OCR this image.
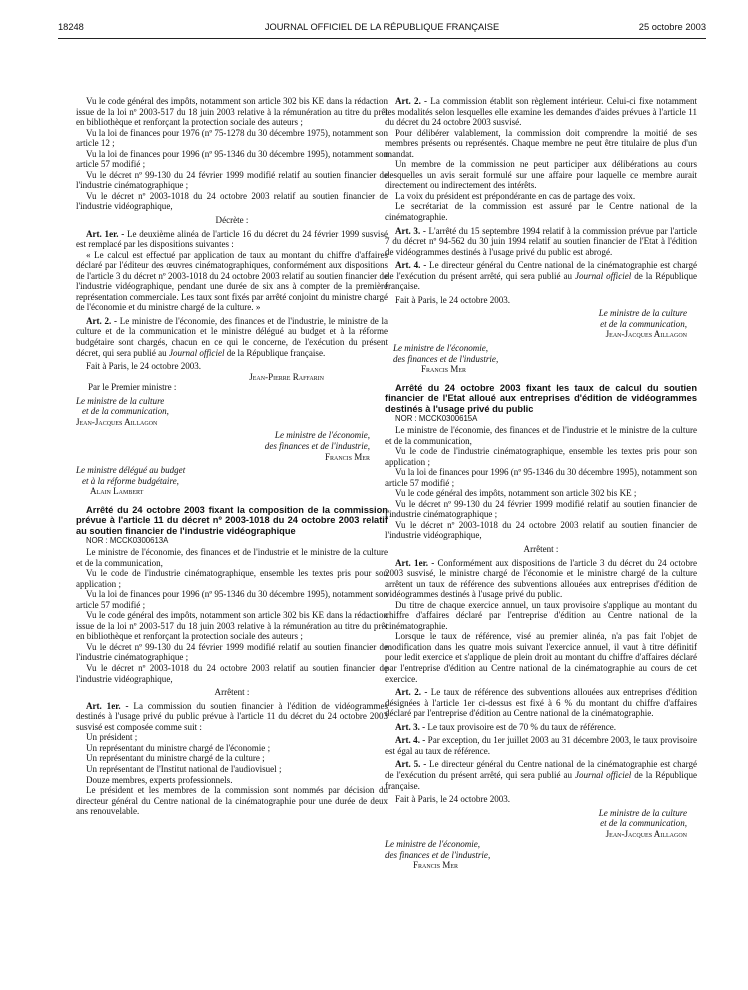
18248	JOURNAL OFFICIEL DE LA RÉPUBLIQUE FRANÇAISE	25 octobre 2003

Vu le code général des impôts, notamment son article 302 bis KE dans la rédaction issue de la loi nº 2003-517 du 18 juin 2003 relative à la rémunération au titre du prêt en bibliothèque et renforçant la protection sociale des auteurs ;

Vu la loi de finances pour 1976 (nº 75-1278 du 30 décembre 1975), notamment son article 12 ;

Vu la loi de finances pour 1996 (nº 95-1346 du 30 décembre 1995), notamment son article 57 modifié ;

Vu le décret nº 99-130 du 24 février 1999 modifié relatif au soutien financier de l'industrie cinématographique ;

Vu le décret nº 2003-1018 du 24 octobre 2003 relatif au soutien financier de l'industrie vidéographique,

Décrète :

Art. 1er. - Le deuxième alinéa de l'article 16 du décret du 24 février 1999 susvisé est remplacé par les dispositions suivantes :

« Le calcul est effectué par application de taux au montant du chiffre d'affaires déclaré par l'éditeur des œuvres cinématographiques, conformément aux dispositions de l'article 3 du décret nº 2003-1018 du 24 octobre 2003 relatif au soutien financier de l'industrie vidéographique, pendant une durée de six ans à compter de la première représentation commerciale. Les taux sont fixés par arrêté conjoint du ministre chargé de l'économie et du ministre chargé de la culture. »

Art. 2. - Le ministre de l'économie, des finances et de l'industrie, le ministre de la culture et de la communication et le ministre délégué au budget et à la réforme budgétaire sont chargés, chacun en ce qui le concerne, de l'exécution du présent décret, qui sera publié au Journal officiel de la République française.

Fait à Paris, le 24 octobre 2003.

Jean-Pierre Raffarin

Par le Premier ministre :

Le ministre de la culture
et de la communication,
Jean-Jacques Aillagon

Le ministre de l'économie,
des finances et de l'industrie,
Francis Mer

Le ministre délégué au budget
et à la réforme budgétaire,
Alain Lambert

Arrêté du 24 octobre 2003 fixant la composition de la commission prévue à l'article 11 du décret nº 2003-1018 du 24 octobre 2003 relatif au soutien financier de l'industrie vidéographique

NOR : MCCK0300613A

Le ministre de l'économie, des finances et de l'industrie et le ministre de la culture et de la communication,

Vu le code de l'industrie cinématographique, ensemble les textes pris pour son application ;

Vu la loi de finances pour 1996 (nº 95-1346 du 30 décembre 1995), notamment son article 57 modifié ;

Vu le code général des impôts, notamment son article 302 bis KE dans la rédaction issue de la loi nº 2003-517 du 18 juin 2003 relative à la rémunération au titre du prêt en bibliothèque et renforçant la protection sociale des auteurs ;

Vu le décret nº 99-130 du 24 février 1999 modifié relatif au soutien financier de l'industrie cinématographique ;

Vu le décret nº 2003-1018 du 24 octobre 2003 relatif au soutien financier de l'industrie vidéographique,

Arrêtent :

Art. 1er. - La commission du soutien financier à l'édition de vidéogrammes destinés à l'usage privé du public prévue à l'article 11 du décret du 24 octobre 2003 susvisé est composée comme suit :

Un président ;

Un représentant du ministre chargé de l'économie ;

Un représentant du ministre chargé de la culture ;

Un représentant de l'Institut national de l'audiovisuel ;

Douze membres, experts professionnels.

Le président et les membres de la commission sont nommés par décision du directeur général du Centre national de la cinématographie pour une durée de deux ans renouvelable.

Art. 2. - La commission établit son règlement intérieur. Celui-ci fixe notamment les modalités selon lesquelles elle examine les demandes d'aides prévues à l'article 11 du décret du 24 octobre 2003 susvisé.

Pour délibérer valablement, la commission doit comprendre la moitié de ses membres présents ou représentés. Chaque membre ne peut être titulaire de plus d'un mandat.

Un membre de la commission ne peut participer aux délibérations au cours desquelles un avis serait formulé sur une affaire pour laquelle ce membre aurait directement ou indirectement des intérêts.

La voix du président est prépondérante en cas de partage des voix.

Le secrétariat de la commission est assuré par le Centre national de la cinématographie.

Art. 3. - L'arrêté du 15 septembre 1994 relatif à la commission prévue par l'article 7 du décret nº 94-562 du 30 juin 1994 relatif au soutien financier de l'Etat à l'édition de vidéogrammes destinés à l'usage privé du public est abrogé.

Art. 4. - Le directeur général du Centre national de la cinématographie est chargé de l'exécution du présent arrêté, qui sera publié au Journal officiel de la République française.

Fait à Paris, le 24 octobre 2003.

Le ministre de la culture
et de la communication,
Jean-Jacques Aillagon

Le ministre de l'économie,
des finances et de l'industrie,
Francis Mer

Arrêté du 24 octobre 2003 fixant les taux de calcul du soutien financier de l'Etat alloué aux entreprises d'édition de vidéogrammes destinés à l'usage privé du public

NOR : MCCK0300615A

Le ministre de l'économie, des finances et de l'industrie et le ministre de la culture et de la communication,

Vu le code de l'industrie cinématographique, ensemble les textes pris pour son application ;

Vu la loi de finances pour 1996 (nº 95-1346 du 30 décembre 1995), notamment son article 57 modifié ;

Vu le code général des impôts, notamment son article 302 bis KE ;

Vu le décret nº 99-130 du 24 février 1999 modifié relatif au soutien financier de l'industrie cinématographique ;

Vu le décret nº 2003-1018 du 24 octobre 2003 relatif au soutien financier de l'industrie vidéographique,

Arrêtent :

Art. 1er. - Conformément aux dispositions de l'article 3 du décret du 24 octobre 2003 susvisé, le ministre chargé de l'économie et le ministre chargé de la culture arrêtent un taux de référence des subventions allouées aux entreprises d'édition de vidéogrammes destinés à l'usage privé du public.

Du titre de chaque exercice annuel, un taux provisoire s'applique au montant du chiffre d'affaires déclaré par l'entreprise d'édition au Centre national de la cinématographie.

Lorsque le taux de référence, visé au premier alinéa, n'a pas fait l'objet de modification dans les quatre mois suivant l'exercice annuel, il vaut à titre définitif pour ledit exercice et s'applique de plein droit au montant du chiffre d'affaires déclaré par l'entreprise d'édition au Centre national de la cinématographie au cours de cet exercice.

Art. 2. - Le taux de référence des subventions allouées aux entreprises d'édition désignées à l'article 1er ci-dessus est fixé à 6 % du montant du chiffre d'affaires déclaré par l'entreprise d'édition au Centre national de la cinématographie.

Art. 3. - Le taux provisoire est de 70 % du taux de référence.

Art. 4. - Par exception, du 1er juillet 2003 au 31 décembre 2003, le taux provisoire est égal au taux de référence.

Art. 5. - Le directeur général du Centre national de la cinématographie est chargé de l'exécution du présent arrêté, qui sera publié au Journal officiel de la République française.

Fait à Paris, le 24 octobre 2003.

Le ministre de la culture
et de la communication,
Jean-Jacques Aillagon

Le ministre de l'économie,
des finances et de l'industrie,
Francis Mer
